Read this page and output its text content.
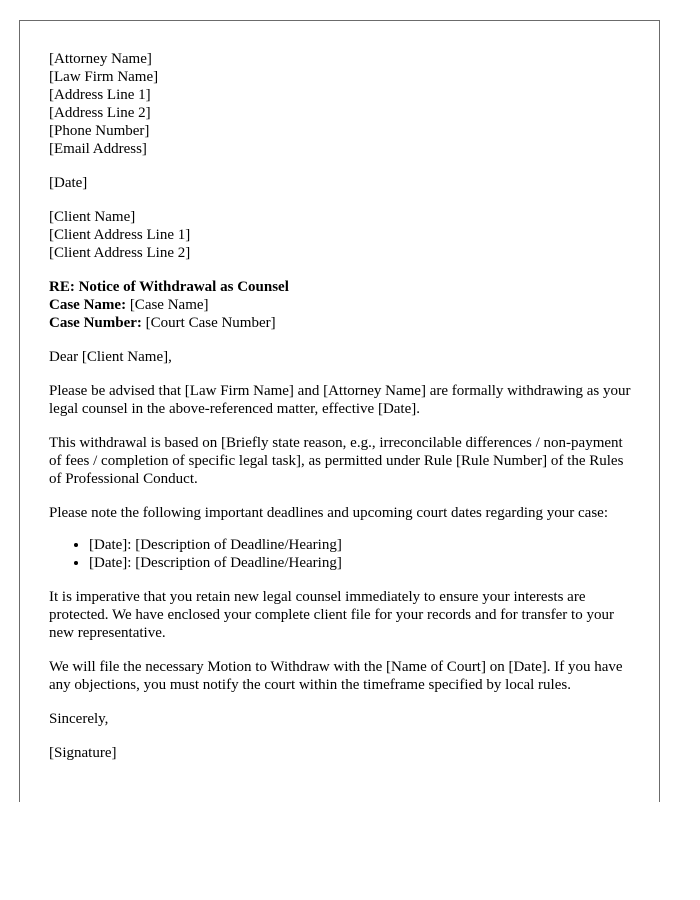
[Attorney Name]
[Law Firm Name]
[Address Line 1]
[Address Line 2]
[Phone Number]
[Email Address]
[Date]
[Client Name]
[Client Address Line 1]
[Client Address Line 2]
RE: Notice of Withdrawal as Counsel
Case Name: [Case Name]
Case Number: [Court Case Number]

Dear [Client Name],

Please be advised that [Law Firm Name] and [Attorney Name] are formally withdrawing as your legal counsel in the above-referenced matter, effective [Date].

This withdrawal is based on [Briefly state reason, e.g., irreconcilable differences / non-payment of fees / completion of specific legal task], as permitted under Rule [Rule Number] of the Rules of Professional Conduct.

Please note the following important deadlines and upcoming court dates regarding your case:

• [Date]: [Description of Deadline/Hearing]
• [Date]: [Description of Deadline/Hearing]

It is imperative that you retain new legal counsel immediately to ensure your interests are protected. We have enclosed your complete client file for your records and for transfer to your new representative.

We will file the necessary Motion to Withdraw with the [Name of Court] on [Date]. If you have any objections, you must notify the court within the timeframe specified by local rules.

Sincerely,

[Signature]
